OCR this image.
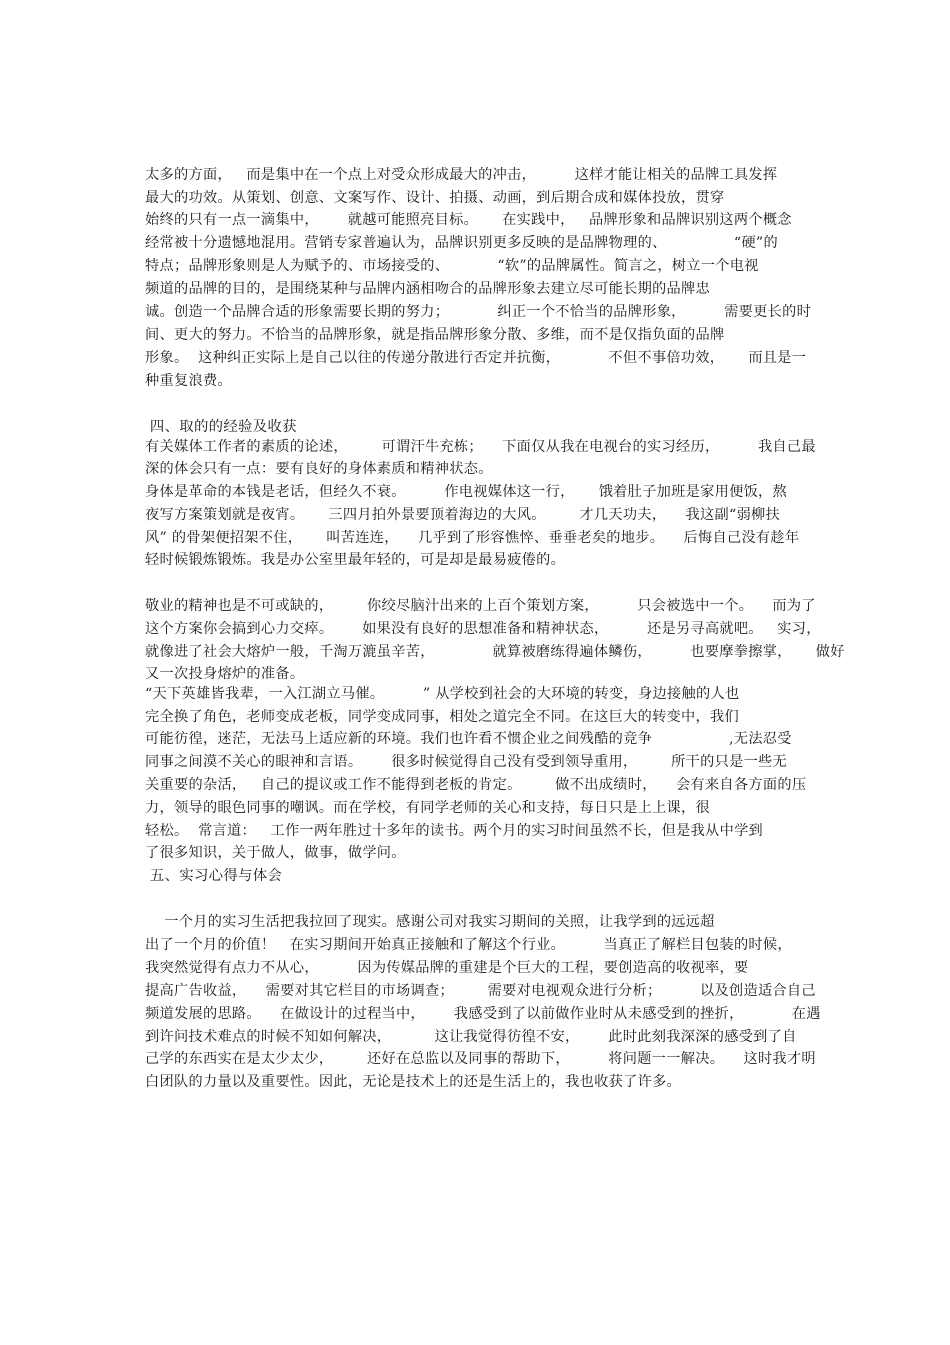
太多的方面，   而是集中在一个点上对受众形成最大的冲击，        这样才能让相关的品牌工具发挥
最大的功效。从策划、创意、文案写作、设计、拍摄、动画，到后期合成和媒体投放，贯穿
始终的只有一点一滴集中，      就越可能照亮目标。     在实践中，   品牌形象和品牌识别这两个概念
经常被十分遗憾地混用。营销专家普遍认为，品牌识别更多反映的是品牌物理的、              “硬”的
特点；品牌形象则是人为赋予的、市场接受的、          “软”的品牌属性。简言之，树立一个电视
频道的品牌的目的，是围绕某种与品牌内涵相吻合的品牌形象去建立尽可能长期的品牌忠
诚。创造一个品牌合适的形象需要长期的努力；          纠正一个不恰当的品牌形象，        需要更长的时
间、更大的努力。不恰当的品牌形象，就是指品牌形象分散、多维，而不是仅指负面的品牌
形象。  这种纠正实际上是自己以往的传递分散进行否定并抗衡，          不但不事倍功效，     而且是一
种重复浪费。
四、取的的经验及收获
有关媒体工作者的素质的论述，       可谓汗牛充栋；    下面仅从我在电视台的实习经历，        我自己最
深的体会只有一点：要有良好的身体素质和精神状态。
身体是革命的本钱是老话，但经久不衰。        作电视媒体这一行，     饿着肚子加班是家用便饭，熬
夜写方案策划就是夜宵。     三四月拍外景要顶着海边的大风。       才几天功夫，    我这副“弱柳扶
风” 的骨架便招架不住，     叫苦连连，    几乎到了形容憔悴、垂垂老矣的地步。    后悔自己没有趁年
轻时候锻炼锻炼。我是办公室里最年轻的，可是却是最易疲倦的。
敬业的精神也是不可或缺的，       你绞尽脑汁出来的上百个策划方案，        只会被选中一个。    而为了
这个方案你会搞到心力交瘁。      如果没有良好的思想准备和精神状态，        还是另寻高就吧。   实习，
就像进了社会大熔炉一般，千淘万漉虽辛苦，            就算被磨练得遍体鳞伤，        也要摩拳擦掌，     做好
又一次投身熔炉的准备。
“天下英雄皆我辈，一入江湖立马催。        ” 从学校到社会的大环境的转变，身边接触的人也
完全换了角色，老师变成老板，同学变成同事，相处之道完全不同。在这巨大的转变中，我们
可能彷徨，迷茫，无法马上适应新的环境。我们也许看不惯企业之间残酷的竞争                ,无法忍受
同事之间漠不关心的眼神和言语。      很多时候觉得自己没有受到领导重用，       所干的只是一些无
关重要的杂活，   自己的提议或工作不能得到老板的肯定。       做不出成绩时，    会有来自各方面的压
力，领导的眼色同事的嘲讽。而在学校，有同学老师的关心和支持，每日只是上上课，很
轻松。  常言道：   工作一两年胜过十多年的读书。两个月的实习时间虽然不长，但是我从中学到
了很多知识，关于做人，做事，做学问。
五、实习心得与体会
一个月的实习生活把我拉回了现实。感谢公司对我实习期间的关照，让我学到的远远超
出了一个月的价值！   在实习期间开始真正接触和了解这个行业。        当真正了解栏目包装的时候，
我突然觉得有点力不从心，        因为传媒品牌的重建是个巨大的工程，要创造高的收视率，要
提高广告收益，    需要对其它栏目的市场调查；       需要对电视观众进行分析；        以及创造适合自己
频道发展的思路。    在做设计的过程当中，      我感受到了以前做作业时从未感受到的挫折，          在遇
到许问技术难点的时候不知如何解决，         这让我觉得彷徨不安，      此时此刻我深深的感受到了自
己学的东西实在是太少太少，       还好在总监以及同事的帮助下，        将问题一一解决。    这时我才明
白团队的力量以及重要性。因此，无论是技术上的还是生活上的，我也收获了许多。
